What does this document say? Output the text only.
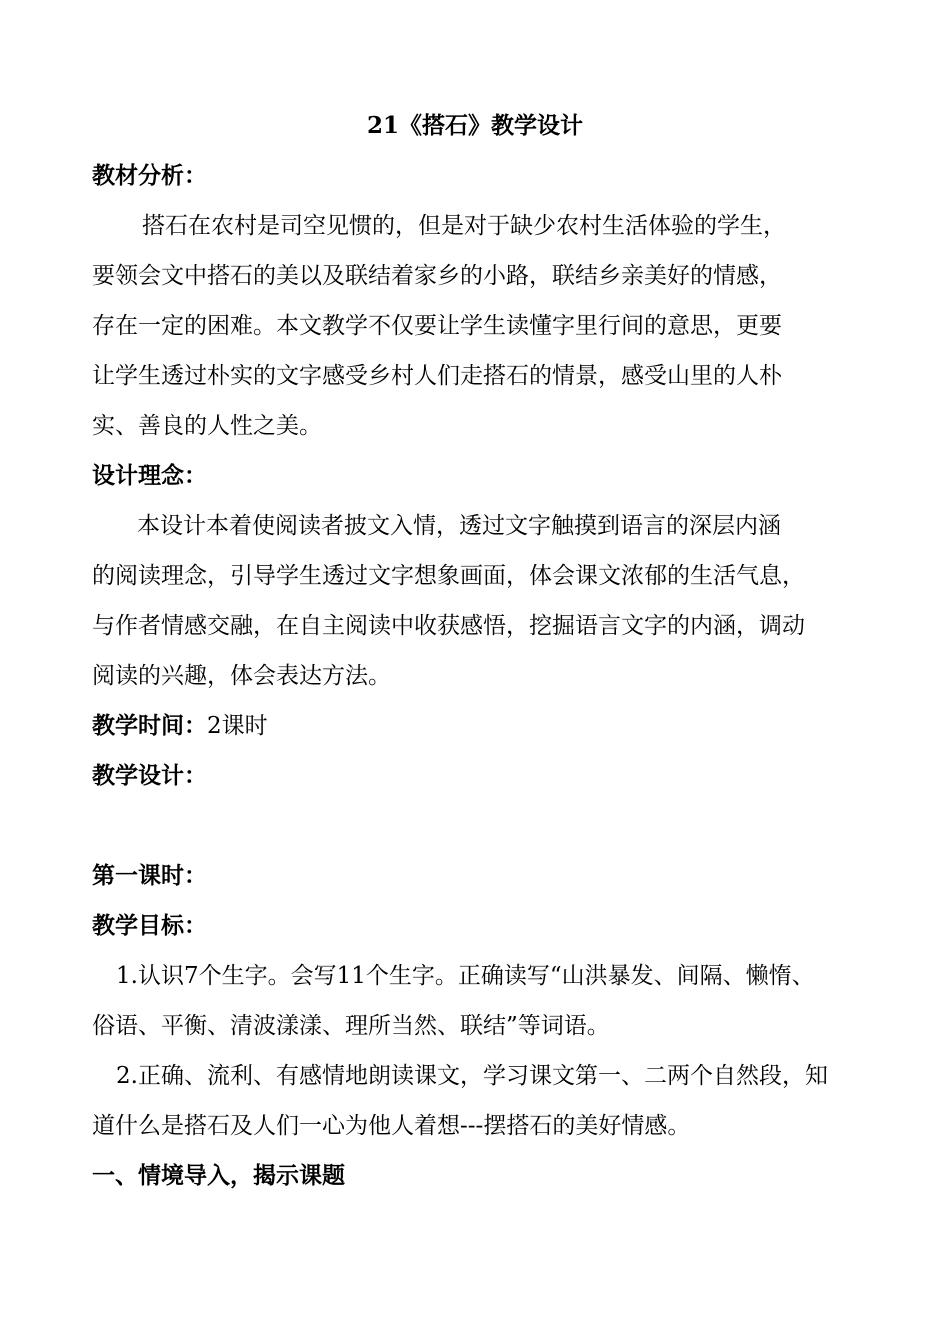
21《搭石》教学设计
教材分析：
搭石在农村是司空见惯的，但是对于缺少农村生活体验的学生，
要领会文中搭石的美以及联结着家乡的小路，联结乡亲美好的情感，
存在一定的困难。本文教学不仅要让学生读懂字里行间的意思，更要
让学生透过朴实的文字感受乡村人们走搭石的情景，感受山里的人朴
实、善良的人性之美。
设计理念：
本设计本着使阅读者披文入情，透过文字触摸到语言的深层内涵
的阅读理念，引导学生透过文字想象画面，体会课文浓郁的生活气息，
与作者情感交融，在自主阅读中收获感悟，挖掘语言文字的内涵，调动
阅读的兴趣，体会表达方法。
教学时间：2课时
教学设计：
第一课时：
教学目标：
1.认识7个生字。会写11个生字。正确读写“山洪暴发、间隔、懒惰、
俗语、平衡、清波漾漾、理所当然、联结”等词语。
2.正确、流利、有感情地朗读课文，学习课文第一、二两个自然段，知
道什么是搭石及人们一心为他人着想---摆搭石的美好情感。
一、情境导入，揭示课题
